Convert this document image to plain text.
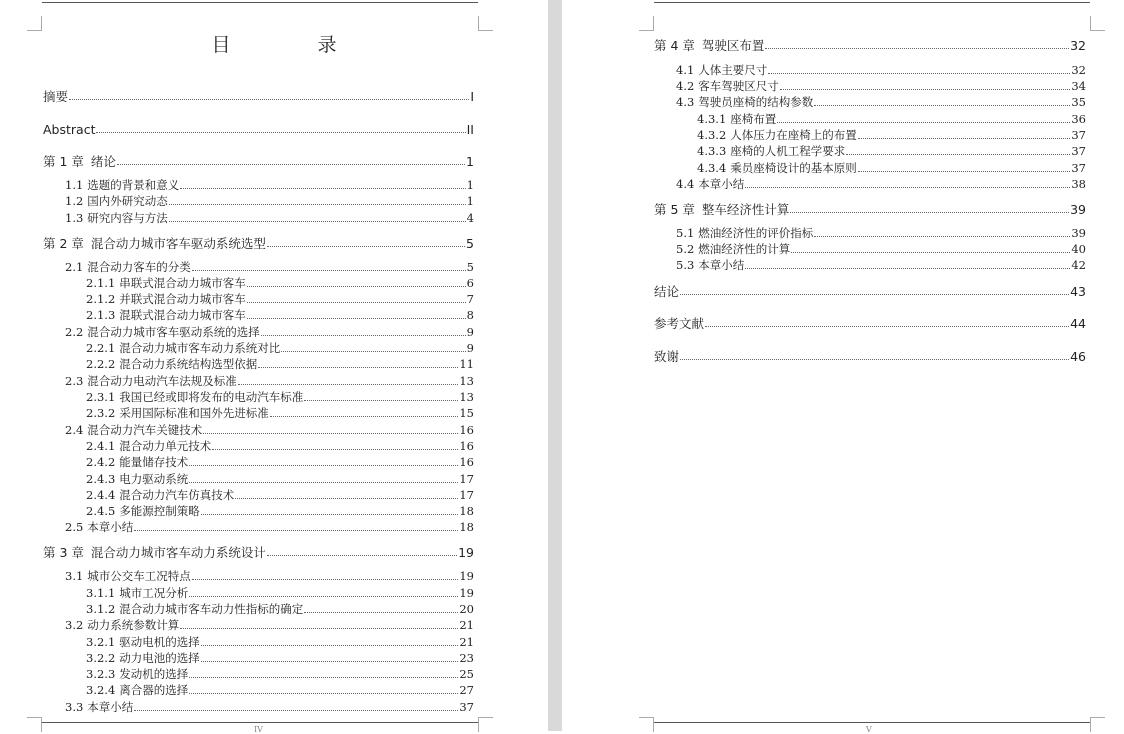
目　录
摘要	I
Abstract	II
第 1 章 绪论	1
1.1 选题的背景和意义	1
1.2 国内外研究动态	1
1.3 研究内容与方法	4
第 2 章 混合动力城市客车驱动系统选型	5
2.1 混合动力客车的分类	5
2.1.1 串联式混合动力城市客车	6
2.1.2 并联式混合动力城市客车	7
2.1.3 混联式混合动力城市客车	8
2.2 混合动力城市客车驱动系统的选择	9
2.2.1 混合动力城市客车动力系统对比	9
2.2.2 混合动力系统结构选型依据	11
2.3 混合动力电动汽车法规及标准	13
2.3.1 我国已经或即将发布的电动汽车标准	13
2.3.2 采用国际标准和国外先进标准	15
2.4 混合动力汽车关键技术	16
2.4.1 混合动力单元技术	16
2.4.2 能量储存技术	16
2.4.3 电力驱动系统	17
2.4.4 混合动力汽车仿真技术	17
2.4.5 多能源控制策略	18
2.5 本章小结	18
第 3 章 混合动力城市客车动力系统设计	19
3.1 城市公交车工况特点	19
3.1.1 城市工况分析	19
3.1.2 混合动力城市客车动力性指标的确定	20
3.2 动力系统参数计算	21
3.2.1 驱动电机的选择	21
3.2.2 动力电池的选择	23
3.2.3 发动机的选择	25
3.2.4 离合器的选择	27
3.3 本章小结	37
IV
第 4 章 驾驶区布置	32
4.1 人体主要尺寸	32
4.2 客车驾驶区尺寸	34
4.3 驾驶员座椅的结构参数	35
4.3.1 座椅布置	36
4.3.2 人体压力在座椅上的布置	37
4.3.3 座椅的人机工程学要求	37
4.3.4 乘员座椅设计的基本原则	37
4.4 本章小结	38
第 5 章 整车经济性计算	39
5.1 燃油经济性的评价指标	39
5.2 燃油经济性的计算	40
5.3 本章小结	42
结论	43
参考文献	44
致谢	46
V
